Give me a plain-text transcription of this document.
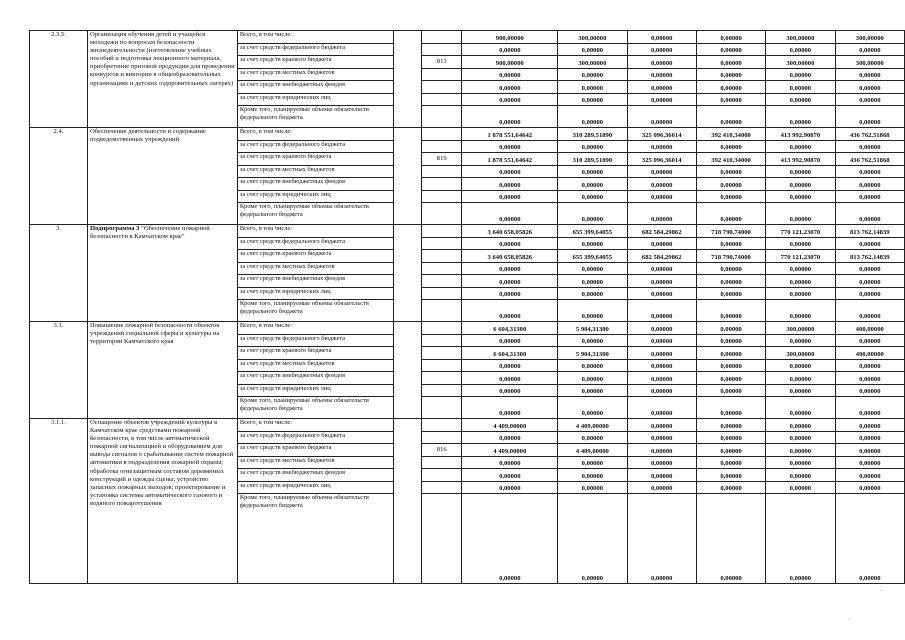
2.3.5.	Организация обучения детей и учащейся молодежи по вопросам безопасности жизнедеятельности (изготовление учебных пособий и подготовка лекционного материала, приобретение призовой продукции для проведения конкурсов и викторин в общеобразовательных организациях и детских оздоровительных лагерях)	Всего, в том числе:			900,00000	300,00000	0,00000	0,00000	300,00000	300,00000
		за счет средств федерального бюджета			0,00000	0,00000	0,00000	0,00000	0,00000	0,00000
		за счет средств краевого бюджета		813	900,00000	300,00000	0,00000	0,00000	300,00000	300,00000
		за счет средств местных бюджетов			0,00000	0,00000	0,00000	0,00000	0,00000	0,00000
		за счет средств внебюджетных фондов			0,00000	0,00000	0,00000	0,00000	0,00000	0,00000
		за счет средств юридических лиц			0,00000	0,00000	0,00000	0,00000	0,00000	0,00000
		Кроме того, планируемые объемы обязательств федерального бюджета			0,00000	0,00000	0,00000	0,00000	0,00000	0,00000
2.4.	Обеспечение деятельности и содержание подведомственных учреждений	Всего, в том числе:			1 878 551,64642	310 289,51890	325 096,36014	392 410,34000	413 992,90870	436 762,51868
		за счет средств федерального бюджета			0,00000	0,00000	0,00000	0,00000	0,00000	0,00000
		за счет средств краевого бюджета		819	1 878 551,64642	310 289,51890	325 096,36014	392 410,34000	413 992,90870	436 762,51868
		за счет средств местных бюджетов			0,00000	0,00000	0,00000	0,00000	0,00000	0,00000
		за счет средств внебюджетных фондов			0,00000	0,00000	0,00000	0,00000	0,00000	0,00000
		за счет средств юридических лиц			0,00000	0,00000	0,00000	0,00000	0,00000	0,00000
		Кроме того, планируемые объемы обязательств федерального бюджета			0,00000	0,00000	0,00000	0,00000	0,00000	0,00000
3.	Подпрограмма 3 "Обеспечение пожарной безопасности в Камчатском крае"	Всего, в том числе:			3 640 658,05826	655 399,64055	682 584,29862	718 790,74000	770 121,23070	813 762,14839
		за счет средств федерального бюджета			0,00000	0,00000	0,00000	0,00000	0,00000	0,00000
		за счет средств краевого бюджета			3 640 658,05826	655 399,64055	682 584,29862	718 790,74000	770 121,23070	813 762,14839
		за счет средств местных бюджетов			0,00000	0,00000	0,00000	0,00000	0,00000	0,00000
		за счет средств внебюджетных фондов			0,00000	0,00000	0,00000	0,00000	0,00000	0,00000
		за счет средств юридических лиц			0,00000	0,00000	0,00000	0,00000	0,00000	0,00000
		Кроме того, планируемые объемы обязательств федерального бюджета			0,00000	0,00000	0,00000	0,00000	0,00000	0,00000
3.1.	Повышение пожарной безопасности объектов учреждений социальной сферы и культуры на территории Камчатского края	Всего, в том числе:			6 604,31300	5 904,31300	0,00000	0,00000	300,00000	400,00000
		за счет средств федерального бюджета			0,00000	0,00000	0,00000	0,00000	0,00000	0,00000
		за счет средств краевого бюджета			6 604,31300	5 904,31300	0,00000	0,00000	300,00000	400,00000
		за счет средств местных бюджетов			0,00000	0,00000	0,00000	0,00000	0,00000	0,00000
		за счет средств внебюджетных фондов			0,00000	0,00000	0,00000	0,00000	0,00000	0,00000
		за счет средств юридических лиц			0,00000	0,00000	0,00000	0,00000	0,00000	0,00000
		Кроме того, планируемые объемы обязательств федерального бюджета			0,00000	0,00000	0,00000	0,00000	0,00000	0,00000
3.1.1.	Оснащение объектов учреждений культуры в Камчатском крае средствами пожарной безопасности, в том числе автоматической пожарной сигнализацией и оборудованием для вывода сигналов о срабатывании систем пожарной автоматики в подразделения пожарной охраны; обработка огнезащитным составом деревянных конструкций и одежды сцены; устройство запасных пожарных выходов; проектирование и установка системы автоматического газового и водяного пожаротушения	Всего, в том числе:			4 409,00000	4 409,00000	0,00000	0,00000	0,00000	0,00000
		за счет средств федерального бюджета			0,00000	0,00000	0,00000	0,00000	0,00000	0,00000
		за счет средств краевого бюджета		816	4 409,00000	4 409,00000	0,00000	0,00000	0,00000	0,00000
		за счет средств местных бюджетов			0,00000	0,00000	0,00000	0,00000	0,00000	0,00000
		за счет средств внебюджетных фондов			0,00000	0,00000	0,00000	0,00000	0,00000	0,00000
		за счет средств юридических лиц			0,00000	0,00000	0,00000	0,00000	0,00000	0,00000
		Кроме того, планируемые объемы обязательств федерального бюджета			0,00000	0,00000	0,00000	0,00000	0,00000	0,00000
·
·
